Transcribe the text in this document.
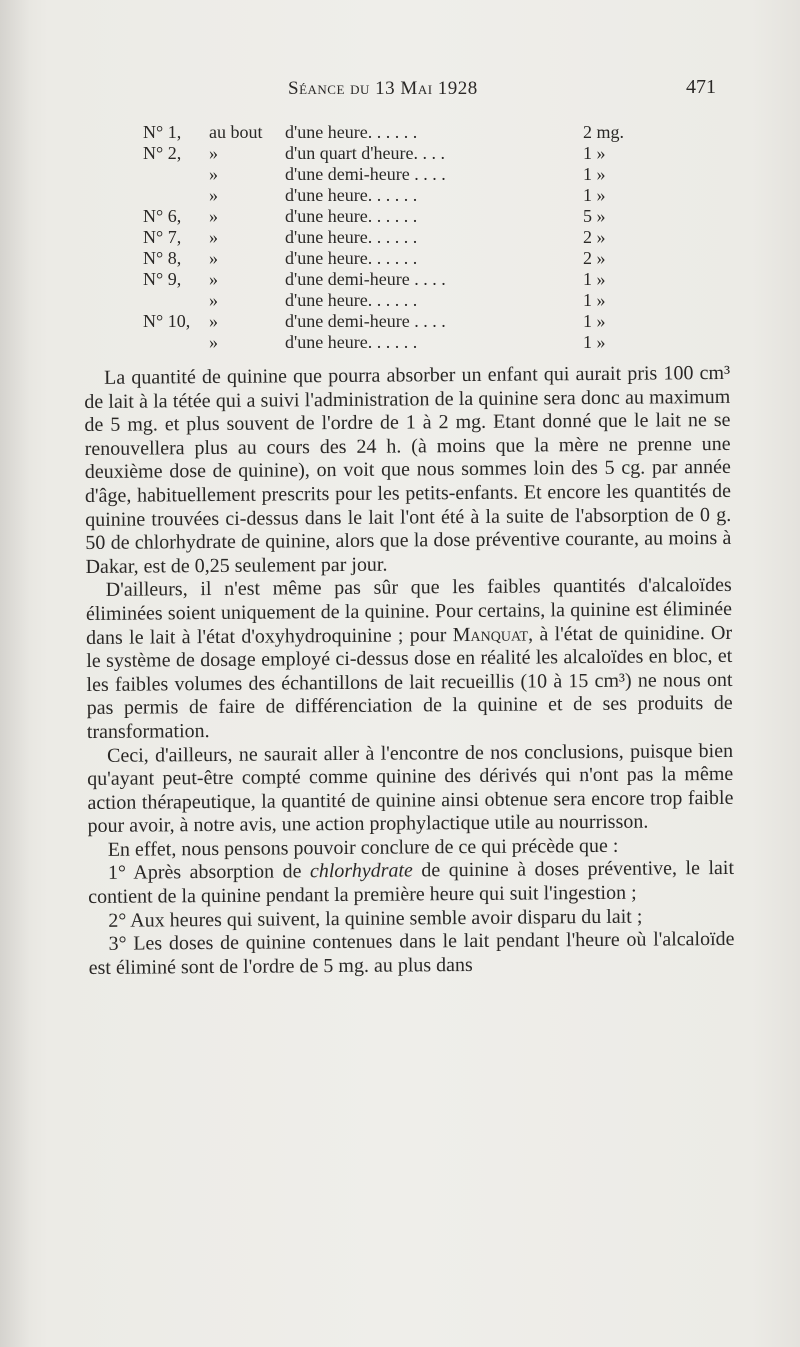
Séance du 13 Mai 1928	471
N° 1, au bout d'une heure. . . . . .	2 mg.
N° 2, »	d'un quart d'heure. . . .	1 »
»	d'une demi-heure . . . .	1 »
»	d'une heure. . . . . .	1 »
N° 6, »	d'une heure. . . . . .	5 »
N° 7, »	d'une heure. . . . . .	2 »
N° 8, »	d'une heure. . . . . .	2 »
N° 9, »	d'une demi-heure . . . .	1 »
»	d'une heure. . . . . .	1 »
N° 10, »	d'une demi-heure . . . .	1 »
»	d'une heure. . . . . .	1 »

La quantité de quinine que pourra absorber un enfant qui aurait pris 100 cm³ de lait à la tétée qui a suivi l'administration de la quinine sera donc au maximum de 5 mg. et plus souvent de l'ordre de 1 à 2 mg. Etant donné que le lait ne se renouvellera plus au cours des 24 h. (à moins que la mère ne prenne une deuxième dose de quinine), on voit que nous sommes loin des 5 cg. par année d'âge, habituellement prescrits pour les petits-enfants. Et encore les quantités de quinine trouvées ci-dessus dans le lait l'ont été à la suite de l'absorption de 0 g. 50 de chlorhydrate de quinine, alors que la dose préventive courante, au moins à Dakar, est de 0,25 seulement par jour.

D'ailleurs, il n'est même pas sûr que les faibles quantités d'alcaloïdes éliminées soient uniquement de la quinine. Pour certains, la quinine est éliminée dans le lait à l'état d'oxyhydroquinine ; pour Manquat, à l'état de quinidine. Or le système de dosage employé ci-dessus dose en réalité les alcaloïdes en bloc, et les faibles volumes des échantillons de lait recueillis (10 à 15 cm³) ne nous ont pas permis de faire de différenciation de la quinine et de ses produits de transformation.

Ceci, d'ailleurs, ne saurait aller à l'encontre de nos conclusions, puisque bien qu'ayant peut-être compté comme quinine des dérivés qui n'ont pas la même action thérapeutique, la quantité de quinine ainsi obtenue sera encore trop faible pour avoir, à notre avis, une action prophylactique utile au nourrisson.

En effet, nous pensons pouvoir conclure de ce qui précède que :

1° Après absorption de chlorhydrate de quinine à doses préventive, le lait contient de la quinine pendant la première heure qui suit l'ingestion ;

2° Aux heures qui suivent, la quinine semble avoir disparu du lait ;

3° Les doses de quinine contenues dans le lait pendant l'heure où l'alcaloïde est éliminé sont de l'ordre de 5 mg. au plus dans
